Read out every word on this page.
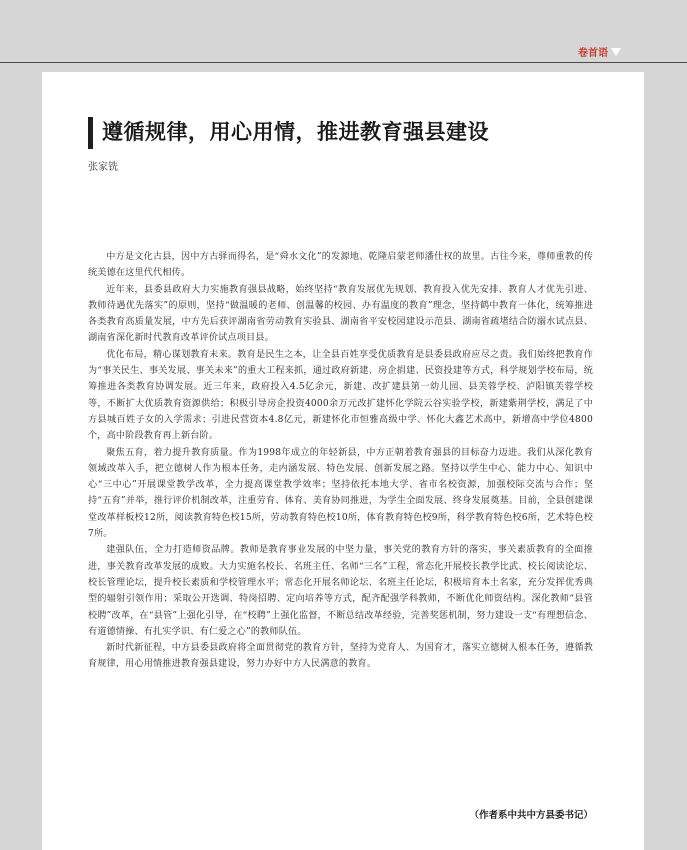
卷首语
遵循规律，用心用情，推进教育强县建设
张家铣

中方是文化古县，因中方古驿而得名，是“舜水文化”的发源地、乾隆启蒙老师潘仕权的故里。古往今来，尊师重教的传统美德在这里代代相传。

近年来，县委县政府大力实施教育强县战略，始终坚持“教育发展优先规划、教育投入优先安排、教育人才优先引进、教师待遇优先落实”的原则，坚持“做温暖的老师、创温馨的校园、办有温度的教育”理念，坚持鹤中教育一体化，统筹推进各类教育高质量发展，中方先后获评湖南省劳动教育实验县、湖南省平安校园建设示范县、湖南省疏堵结合防溺水试点县、湖南省深化新时代教育改革评价试点项目县。

优化布局，精心谋划教育未来。教育是民生之本，让全县百姓享受优质教育是县委县政府应尽之责。我们始终把教育作为“事关民生、事关发展、事关未来”的重大工程来抓，通过政府新建、房企捐建、民资投建等方式，科学规划学校布局，统筹推进各类教育协调发展。近三年来，政府投入4.5亿余元，新建、改扩建县第一幼儿园、县芙蓉学校、泸阳镇芙蓉学校等，不断扩大优质教育资源供给；积极引导房企投资4000余万元改扩建怀化学院云谷实验学校，新建紫荆学校，满足了中方县城百姓子女的入学需求；引进民营资本4.8亿元，新建怀化市恒雅高级中学、怀化大鑫艺术高中，新增高中学位4800个，高中阶段教育再上新台阶。

聚焦五育，着力提升教育质量。作为1998年成立的年轻新县，中方正朝着教育强县的目标奋力迈进。我们从深化教育领域改革入手，把立德树人作为根本任务，走内涵发展、特色发展、创新发展之路。坚持以学生中心、能力中心、知识中心“三中心”开展课堂教学改革，全力提高课堂教学效率；坚持依托本地大学、省市名校资源，加强校际交流与合作；坚持“五育”并举，推行评价机制改革，注重劳育、体育、美育协同推进，为学生全面发展、终身发展奠基。目前，全县创建课堂改革样板校12所，阅读教育特色校15所，劳动教育特色校10所，体育教育特色校9所，科学教育特色校6所，艺术特色校7所。

建强队伍，全力打造师资品牌。教师是教育事业发展的中坚力量，事关党的教育方针的落实，事关素质教育的全面推进，事关教育改革发展的成败。大力实施名校长、名班主任、名师“三名”工程，常态化开展校长教学比武、校长阅读论坛、校长管理论坛，提升校长素质和学校管理水平；常态化开展名师论坛、名班主任论坛，积极培育本土名家，充分发挥优秀典型的辐射引领作用；采取公开选调、特岗招聘、定向培养等方式，配齐配强学科教师，不断优化师资结构。深化教师“县管校聘”改革，在“县管”上强化引导，在“校聘”上强化监督，不断总结改革经验，完善奖惩机制，努力建设一支“有理想信念、有道德情操、有扎实学识、有仁爱之心”的教师队伍。

新时代新征程，中方县委县政府将全面贯彻党的教育方针，坚持为党育人、为国育才，落实立德树人根本任务，遵循教育规律，用心用情推进教育强县建设，努力办好中方人民满意的教育。

（作者系中共中方县委书记）
